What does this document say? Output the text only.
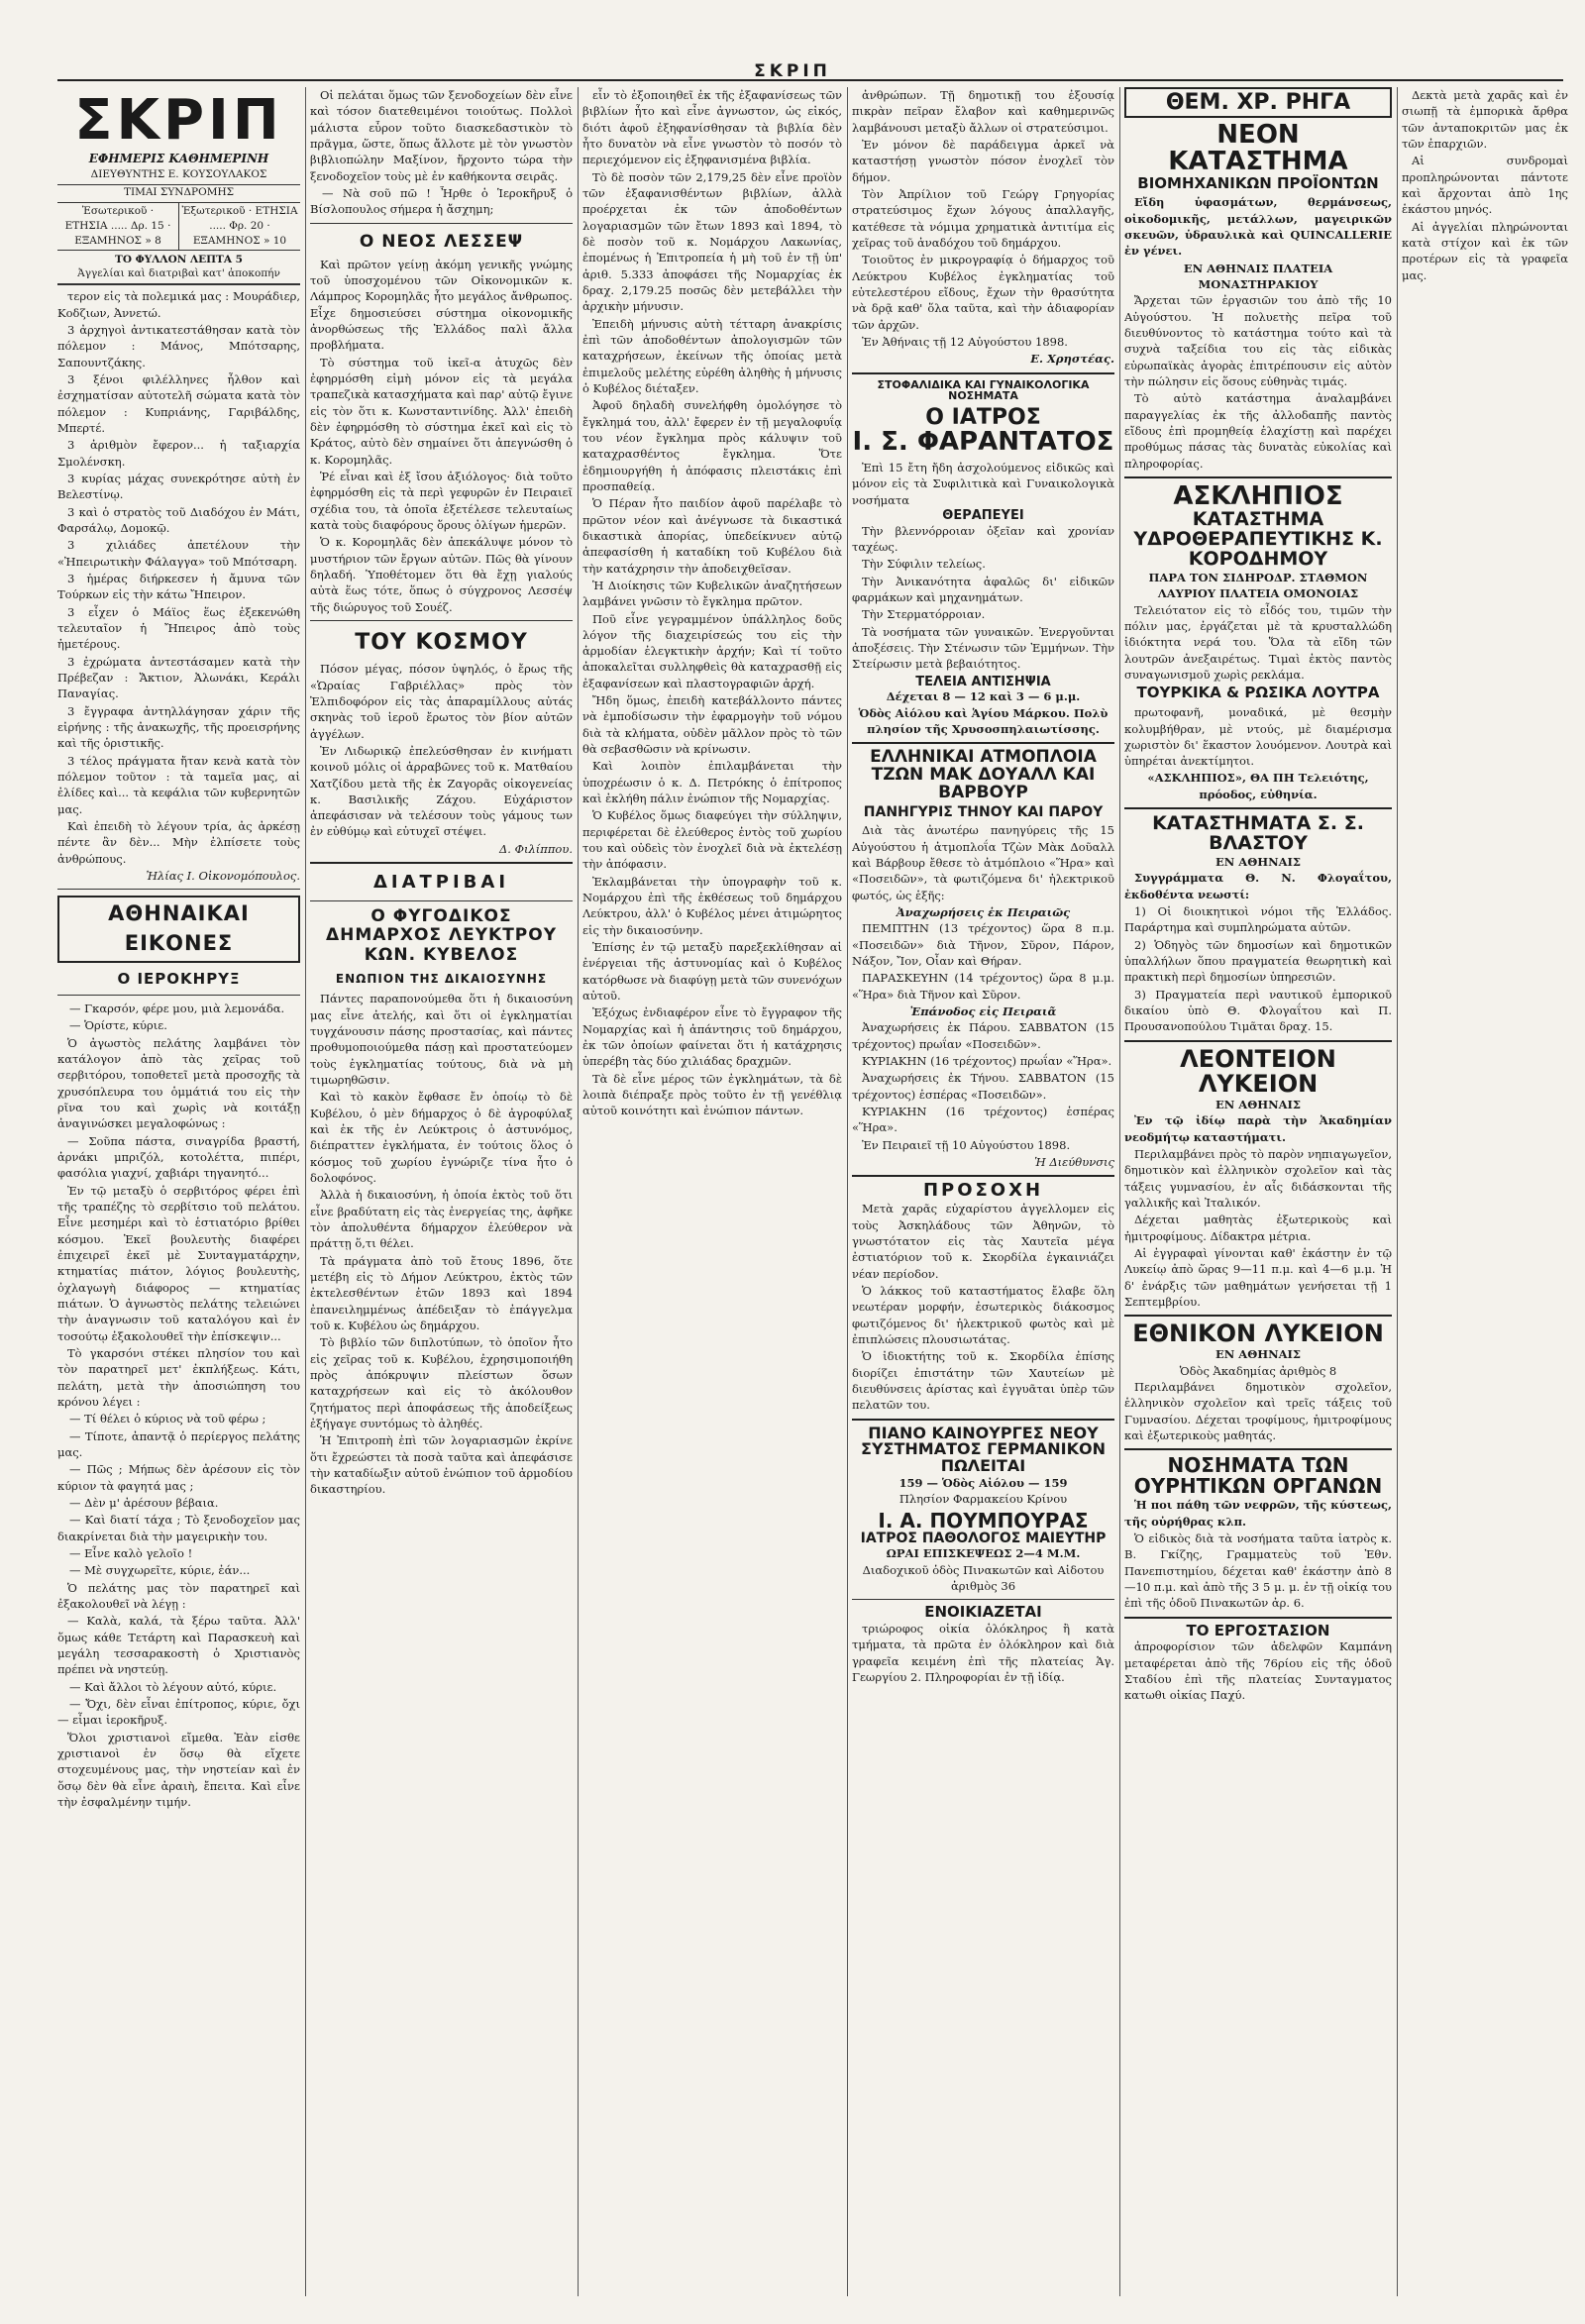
ΣΚΡΙΠ
ΣΚΡΙΠ
ΕΦΗΜΕΡΙΣ ΚΑΘΗΜΕΡΙΝΗ
ΔΙΕΥΘΥΝΤΗΣ Ε. ΚΟΥΣΟΥΛΑΚΟΣ
ΤΙΜΑΙ ΣΥΝΔΡΟΜΗΣ
Ἐσωτερικοῦ · ΕΤΗΣΙΑ ..... Δρ. 15 · ΕΞΑΜΗΝΟΣ » 8
Ἐξωτερικοῦ · ΕΤΗΣΙΑ ..... Φρ. 20 · ΕΞΑΜΗΝΟΣ » 10
ΤΟ ΦΥΛΛΟΝ ΛΕΠΤΑ 5
Ἀγγελίαι καὶ διατριβαὶ κατ' ἀποκοπήν

τερον εἰς τὰ πολεμικά μας : Μουράδιερ, Κοδζιων, Ἀννετώ.

3 ἀρχηγοὶ ἀντικατεστάθησαν κατὰ τὸν πόλεμον : Μάνος, Μπότσαρης, Σαπουντζάκης.

3 ξένοι φιλέλληνες ἦλθον καὶ ἐσχηματίσαν αὐτοτελῆ σώματα κατὰ τὸν πόλεμον : Κυπριάνης, Γαριβάλδης, Μπερτέ.

3 ἀριθμὸν ἔφερον... ἡ ταξιαρχία Σμολένσκη.

3 κυρίας μάχας συνεκρότησε αὐτὴ ἐν Βελεστίνῳ.

3 καὶ ὁ στρατὸς τοῦ Διαδόχου ἐν Μάτι, Φαρσάλῳ, Δομοκῷ.

3 χιλιάδες ἀπετέλουν τὴν «Ἠπειρωτικὴν Φάλαγγα» τοῦ Μπότσαρη.

3 ἡμέρας διήρκεσεν ἡ ἄμυνα τῶν Τούρκων εἰς τὴν κάτω Ἤπειρον.

3 εἶχεν ὁ Μάϊος ἕως ἐξεκενώθη τελευταῖον ἡ Ἤπειρος ἀπὸ τοὺς ἡμετέρους.

3 ἐχρώματα ἀντεστάσαμεν κατὰ τὴν Πρέβεζαν : Ἄκτιον, Ἀλωνάκι, Κεράλι Παναγίας.

3 ἔγγραφα ἀντηλλάγησαν χάριν τῆς εἰρήνης : τῆς ἀνακωχῆς, τῆς προεισρήνης καὶ τῆς ὁριστικῆς.

3 τέλος πράγματα ἤταν κενὰ κατὰ τὸν πόλεμον τοῦτον : τὰ ταμεῖα μας, αἱ ἐλίδες καὶ... τὰ κεφάλια τῶν κυβερνητῶν μας.

Καὶ ἐπειδὴ τὸ λέγουν τρία, ἀς ἀρκέσῃ πέντε ἂν δὲν... Μὴν ἐλπίσετε τοὺς ἀνθρώπους.

Ἠλίας Ι. Οἰκονομόπουλος.
ΑΘΗΝΑΙΚΑΙ ΕΙΚΟΝΕΣ
Ο ΙΕΡΟΚΗΡΥΞ

— Γκαρσόν, φέρε μου, μιὰ λεμονάδα.

— Ὁρίστε, κύριε.

Ὁ ἀγωστὸς πελάτης λαμβάνει τὸν κατάλογον ἀπὸ τὰς χεῖρας τοῦ σερβιτόρου, τοποθετεῖ μετὰ προσοχῆς τὰ χρυσόπλευρα του ὁμμάτιά του εἰς τὴν ρῖνα του καὶ χωρὶς νὰ κοιτάξῃ ἀναγινώσκει μεγαλοφώνως :

— Σοῦπα πάστα, σιναγρίδα βραστή, ἀρνάκι μπριζόλ, κοτολέττα, πιπέρι, φασόλια γιαχνί, χαβιάρι τηγανητό...

Ἐν τῷ μεταξὺ ὁ σερβιτόρος φέρει ἐπὶ τῆς τραπέζης τὸ σερβίτσιο τοῦ πελάτου. Εἶνε μεσημέρι καὶ τὸ ἑστιατόριο βρίθει κόσμου. Ἐκεῖ βουλευτὴς διαφέρει ἐπιχειρεῖ ἐκεῖ μὲ Συνταγματάρχην, κτηματίας πιάτον, λόγιος βουλευτὴς, ὀχλαγωγὴ διάφορος — κτηματίας πιάτων. Ὁ ἀγνωστὸς πελάτης τελειώνει τὴν ἀναγνωσιν τοῦ καταλόγου καὶ ἐν τοσούτῳ ἐξακολουθεῖ τὴν ἐπίσκεψιν...

Τὸ γκαρσόνι στέκει πλησίον του καὶ τὸν παρατηρεῖ μετ' ἐκπλήξεως. Κάτι, πελάτη, μετὰ τὴν ἀποσιώπηση του κρόνου λέγει :

— Τί θέλει ὁ κύριος νὰ τοῦ φέρω ;

— Τίποτε, ἀπαντᾷ ὁ περίεργος πελάτης μας.

— Πῶς ; Μήπως δὲν ἀρέσουν εἰς τὸν κύριον τὰ φαγητά μας ;

— Δὲν μ' ἀρέσουν βέβαια.

— Καὶ διατί τάχα ; Τὸ ξενοδοχεῖον μας διακρίνεται διὰ τὴν μαγειρικὴν του.

— Εἶνε καλὸ γελοῖο !

— Μὲ συγχωρεῖτε, κύριε, ἐάν...

Ὁ πελάτης μας τὸν παρατηρεῖ καὶ ἐξακολουθεῖ νὰ λέγῃ :

— Καλὰ, καλά, τὰ ξέρω ταῦτα. Ἀλλ' ὅμως κάθε Τετάρτη καὶ Παρασκευὴ καὶ μεγάλη τεσσαρακοστὴ ὁ Χριστιανὸς πρέπει νὰ νηστεύῃ.

— Καὶ ἄλλοι τὸ λέγουν αὐτό, κύριε.

— Ὄχι, δὲν εἶναι ἐπίτροπος, κύριε, ὄχι — εἶμαι ἱεροκῆρυξ.

Ὅλοι χριστιανοὶ εἴμεθα. Ἐὰν εἰσθε χριστιανοὶ ἐν ὅσῳ θὰ εἴχετε στοχευμένους μας, τὴν νηστείαν καὶ ἐν ὅσῳ δὲν θὰ εἶνε ἀραιὴ, ἔπειτα. Καὶ εἶνε τὴν ἐσφαλμένην τιμήν.

Οἱ πελάται ὅμως τῶν ξενοδοχείων δὲν εἶνε καὶ τόσον διατεθειμένοι τοιούτως. Πολλοὶ μάλιστα εὗρον τοῦτο διασκεδαστικὸν τὸ πρᾶγμα, ὥστε, ὅπως ἄλλοτε μὲ τὸν γνωστὸν βιβλιοπώλην Μαξίνον, ἤρχοντο τώρα τὴν ξενοδοχεῖον τοὺς μὲ ἐν καθήκοντα σειρᾶς.

— Νὰ σοῦ πῶ ! Ἦρθε ὁ Ἱεροκῆρυξ ὁ Βίσλοπουλος σήμερα ἡ ἄσχημη;

Ο ΝΕΟΣ ΛΕΣΣΕΨ

Καὶ πρῶτον γείνῃ ἀκόμη γενικῆς γνώμης τοῦ ὑποσχομένου τῶν Οἰκονομικῶν κ. Λάμπρος Κορομηλᾶς ἦτο μεγάλος ἄνθρωπος. Εἶχε δημοσιεύσει σύστημα οἰκονομικῆς ἀνορθώσεως τῆς Ἑλλάδος παλὶ ἄλλα προβλήματα.

Τὸ σύστημα τοῦ ἰκεῖ-α ἀτυχῶς δὲν ἐφηρμόσθη εἰμὴ μόνον εἰς τὰ μεγάλα τραπεζικὰ κατασχήματα καὶ παρ' αὐτῷ ἔγινε εἰς τὸν ὅτι κ. Κωνσταντινίδης. Ἀλλ' ἐπειδὴ δὲν ἐφηρμόσθη τὸ σύστημα ἐκεῖ καὶ εἰς τὸ Κράτος, αὐτὸ δὲν σημαίνει ὅτι ἀπεγνώσθη ὁ κ. Κορομηλᾶς.

Ῥέ εἶναι καὶ ἐξ ἴσου ἀξιόλογος· διὰ τοῦτο ἐφηρμόσθη εἰς τὰ περὶ γεφυρῶν ἐν Πειραιεῖ σχέδια του, τὰ ὁποῖα ἐξετέλεσε τελευταίως κατὰ τοὺς διαφόρους ὅρους ὀλίγων ἡμερῶν.

Ὁ κ. Κορομηλᾶς δὲν ἀπεκάλυψε μόνον τὸ μυστήριον τῶν ἔργων αὐτῶν. Πῶς θὰ γίνουν δηλαδή. Ὑποθέτομεν ὅτι θὰ ἔχῃ γιαλούς αὐτὰ ἕως τότε, ὅπως ὁ σύγχρονος Λεσσέψ τῆς διώρυγος τοῦ Σουέζ.

ΤΟΥ ΚΟΣΜΟΥ

Πόσον μέγας, πόσον ὑψηλός, ὁ ἔρως τῆς «Ὡραίας Γαβριέλλας» πρὸς τὸν Ἐλπιδοφόρον εἰς τὰς ἀπαραμίλλους αὐτάς σκηνὰς τοῦ ἱεροῦ ἔρωτος τὸν βίον αὐτῶν ἀγγέλων.

Ἐν Λιδωρικῷ ἐπελεύσθησαν ἐν κινήματι κοινοῦ μόλις οἱ ἀρραβῶνες τοῦ κ. Ματθαίου Χατζίδου μετὰ τῆς ἐκ Ζαγορᾶς οἰκογενείας κ. Βασιλικῆς Ζάχου. Εὐχάριστον ἀπεφάσισαν νὰ τελέσουν τοὺς γάμους των ἐν εὐθύμῳ καὶ εὐτυχεῖ στέψει.

Δ. Φιλίππου.
ΔΙΑΤΡΙΒΑΙ
Ο ΦΥΓΟΔΙΚΟΣ ΔΗΜΑΡΧΟΣ ΛΕΥΚΤΡΟΥ ΚΩΝ. ΚΥΒΕΛΟΣ
ΕΝΩΠΙΟΝ ΤΗΣ ΔΙΚΑΙΟΣΥΝΗΣ

Πάντες παραπονούμεθα ὅτι ἡ δικαιοσύνη μας εἶνε ἀτελής, καὶ ὅτι οἱ ἐγκληματίαι τυγχάνουσιν πάσης προστασίας, καὶ πάντες προθυμοποιούμεθα πάσῃ καὶ προστατεύομεν τοὺς ἐγκληματίας τούτους, διὰ νὰ μὴ τιμωρηθῶσιν.

Καὶ τὸ κακὸν ἔφθασε ἔν ὁποίῳ τὸ δὲ Κυβέλου, ὁ μὲν δήμαρχος ὁ δὲ ἀγροφύλαξ καὶ ἐκ τῆς ἐν Λεύκτροις ὁ ἀστυνόμος, διέπραττεν ἐγκλήματα, ἐν τούτοις ὅλος ὁ κόσμος τοῦ χωρίου ἐγνώριζε τίνα ἦτο ὁ δολοφόνος.

Ἀλλὰ ἡ δικαιοσύνη, ἡ ὁποία ἐκτὸς τοῦ ὅτι εἶνε βραδύτατη εἰς τὰς ἐνεργείας της, ἀφῆκε τὸν ἀπολυθέντα δήμαρχον ἐλεύθερον νὰ πράττῃ ὅ,τι θέλει.

Τὰ πράγματα ἀπὸ τοῦ ἔτους 1896, ὅτε μετέβη εἰς τὸ Δήμον Λεύκτρου, ἐκτὸς τῶν ἐκτελεσθέντων ἐτῶν 1893 καὶ 1894 ἐπανειλημμένως ἀπέδειξαν τὸ ἐπάγγελμα τοῦ κ. Κυβέλου ὡς δημάρχου.

Τὸ βιβλίο τῶν διπλοτύπων, τὸ ὁποῖον ἦτο εἰς χεῖρας τοῦ κ. Κυβέλου, ἐχρησιμοποιήθη πρὸς ἀπόκρυψιν πλείστων ὅσων καταχρήσεων καὶ εἰς τὸ ἀκόλουθον ζητήματος περὶ ἀποφάσεως τῆς ἀποδείξεως ἐξήγαγε συντόμως τὸ ἀληθές.

Ἡ Ἐπιτροπὴ ἐπὶ τῶν λογαριασμῶν ἐκρίνε ὅτι ἔχρεώστει τὰ ποσὰ ταῦτα καὶ ἀπεφάσισε τὴν καταδίωξιν αὐτοῦ ἐνώπιον τοῦ ἁρμοδίου δικαστηρίου.

εἶν τὸ ἐξοποιηθεῖ ἐκ τῆς ἐξαφανίσεως τῶν βιβλίων ἦτο καὶ εἶνε ἀγνωστον, ὡς εἰκός, διότι ἀφοῦ ἐξηφανίσθησαν τὰ βιβλία δὲν ἦτο δυνατὸν νὰ εἶνε γνωστὸν τὸ ποσόν τὸ περιεχόμενον εἰς ἐξηφανισμένα βιβλία.

Τὸ δὲ ποσὸν τῶν 2,179,25 δὲν εἶνε προϊὸν τῶν ἐξαφανισθέντων βιβλίων, ἀλλὰ προέρχεται ἐκ τῶν ἀποδοθέντων λογαριασμῶν τῶν ἔτων 1893 καὶ 1894, τὸ δὲ ποσὸν τοῦ κ. Νομάρχου Λακωνίας, ἐπομένως ἡ Ἐπιτροπεία ἡ μὴ τοῦ ἐν τῇ ὑπ' ἀριθ. 5.333 ἀποφάσει τῆς Νομαρχίας ἐκ δραχ. 2,179.25 ποσῶς δὲν μετεβάλλει τὴν ἀρχικὴν μήνυσιν.

Ἐπειδὴ μήνυσις αὐτὴ τέτταρη ἀνακρίσις ἐπὶ τῶν ἀποδοθέντων ἀπολογισμῶν τῶν καταχρήσεων, ἐκείνων τῆς ὁποίας μετὰ ἐπιμελοῦς μελέτης εὑρέθη ἀληθὴς ἡ μήνυσις ὁ Κυβέλος διέταξεν.

Ἀφοῦ δηλαδὴ συνελήφθη ὁμολόγησε τὸ ἔγκλημά του, ἀλλ' ἔφερεν ἐν τῇ μεγαλοφυΐᾳ του νέον ἔγκλημα πρὸς κάλυψιν τοῦ καταχρασθέντος ἔγκλημα. Ὅτε ἐδημιουργήθη ἡ ἀπόφασις πλειστάκις ἐπὶ προσπαθείᾳ.

Ὁ Πέραν ἦτο παιδίον ἀφοῦ παρέλαβε τὸ πρῶτον νέον καὶ ἀνέγνωσε τὰ δικαστικά δικαστικὰ ἀπορίας, ὑπεδείκνυεν αὐτῷ ἀπεφασίσθη ἡ καταδίκη τοῦ Κυβέλου διὰ τὴν κατάχρησιν τὴν ἀποδειχθεῖσαν.

Ἡ Διοίκησις τῶν Κυβελικῶν ἀναζητήσεων λαμβάνει γνῶσιν τὸ ἔγκλημα πρῶτον.

Ποῦ εἶνε γεγραμμένον ὑπάλληλος δοῦς λόγον τῆς διαχειρίσεώς του εἰς τὴν ἀρμοδίαν ἐλεγκτικὴν ἀρχήν; Καὶ τί τοῦτο ἀποκαλεῖται συλληφθεὶς θὰ καταχρασθῇ εἰς ἐξαφανίσεων καὶ πλαστογραφιῶν ἀρχή.

Ἤδη ὅμως, ἐπειδὴ κατεβάλλοντο πάντες νὰ ἐμποδίσωσιν τὴν ἐφαρμογὴν τοῦ νόμου διὰ τὰ κλήματα, οὐδὲν μᾶλλον πρὸς τὸ τῶν θὰ σεβασθῶσιν νὰ κρίνωσιν.

Καὶ λοιπὸν ἐπιλαμβάνεται τὴν ὑποχρέωσιν ὁ κ. Δ. Πετρόκης ὁ ἐπίτροπος καὶ ἐκλήθη πάλιν ἐνώπιον τῆς Νομαρχίας.

Ὁ Κυβέλος ὅμως διαφεύγει τὴν σύλληψιν, περιφέρεται δὲ ἐλεύθερος ἐντὸς τοῦ χωρίου του καὶ οὐδεὶς τὸν ἐνοχλεῖ διὰ νὰ ἐκτελέσῃ τὴν ἀπόφασιν.

Ἐκλαμβάνεται τὴν ὑπογραφὴν τοῦ κ. Νομάρχου ἐπὶ τῆς ἐκθέσεως τοῦ δημάρχου Λεύκτρου, ἀλλ' ὁ Κυβέλος μένει ἀτιμώρητος εἰς τὴν δικαιοσύνην.

Ἐπίσης ἐν τῷ μεταξὺ παρεξεκλίθησαν αἱ ἐνέργειαι τῆς ἀστυνομίας καὶ ὁ Κυβέλος κατόρθωσε νὰ διαφύγῃ μετὰ τῶν συνενόχων αὐτοῦ.

Ἐξόχως ἐνδιαφέρον εἶνε τὸ ἔγγραφον τῆς Νομαρχίας καὶ ἡ ἀπάντησις τοῦ δημάρχου, ἐκ τῶν ὁποίων φαίνεται ὅτι ἡ κατάχρησις ὑπερέβη τὰς δύο χιλιάδας δραχμῶν.

Τὰ δὲ εἶνε μέρος τῶν ἐγκλημάτων, τὰ δὲ λοιπὰ διέπραξε πρὸς τοῦτο ἐν τῇ γενέθλιᾳ αὐτοῦ κοινότητι καὶ ἐνώπιον πάντων.

ἀνθρώπων. Τῇ δημοτικῇ του ἐξουσίᾳ πικρὰν πεῖραν ἔλαβον καὶ καθημερινῶς λαμβάνουσι μεταξὺ ἄλλων οἱ στρατεύσιμοι.

Ἐν μόνον δὲ παράδειγμα ἀρκεῖ νὰ καταστήσῃ γνωστὸν πόσον ἐνοχλεῖ τὸν δήμον.

Τὸν Ἀπρίλιον τοῦ Γεώργ Γρηγορίας στρατεύσιμος ἔχων λόγους ἀπαλλαγῆς, κατέθεσε τὰ νόμιμα χρηματικὰ ἀντιτίμα εἰς χεῖρας τοῦ ἀναδόχου τοῦ δημάρχου.

Τοιοῦτος ἐν μικρογραφίᾳ ὁ δήμαρχος τοῦ Λεύκτρου Κυβέλος ἐγκληματίας τοῦ εὐτελεστέρου εἴδους, ἔχων τὴν θρασύτητα νὰ δρᾷ καθ' ὅλα ταῦτα, καὶ τὴν ἀδιαφορίαν τῶν ἀρχῶν.

Ἐν Ἀθήναις τῇ 12 Αὐγούστου 1898.

Ε. Χρηστέας.
ΣΤΟΦΑΛΙΔΙΚΑ ΚΑΙ ΓΥΝΑΙΚΟΛΟΓΙΚΑ ΝΟΣΗΜΑΤΑ
Ο ΙΑΤΡΟΣ
Ι. Σ. ΦΑΡΑΝΤΑΤΟΣ

Ἐπὶ 15 ἔτη ἤδη ἀσχολούμενος εἰδικῶς καὶ μόνον εἰς τὰ Συφιλιτικὰ καὶ Γυναικολογικὰ νοσήματα

ΘΕΡΑΠΕΥΕΙ

Τὴν βλεννόρροιαν ὀξεῖαν καὶ χρονίαν ταχέως.

Τὴν Σύφιλιν τελείως.

Τὴν Ἀνικανότητα ἀφαλῶς δι' εἰδικῶν φαρμάκων καὶ μηχανημάτων.

Τὴν Στερματόρροιαν.

Τὰ νοσήματα τῶν γυναικῶν. Ἐνεργοῦνται ἀποξέσεις. Τὴν Στένωσιν τῶν Ἐμμήνων. Τὴν Στείρωσιν μετὰ βεβαιότητος.

ΤΕΛΕΙΑ ΑΝΤΙΣΗΨΙΑ
Δέχεται 8 — 12 καὶ 3 — 6 μ.μ.
Ὁδὸς Αἰόλου καὶ Ἁγίου Μάρκου. Πολὺ πλησίον τῆς Χρυσοσπηλαιωτίσσης.
ΕΛΛΗΝΙΚΑΙ ΑΤΜΟΠΛΟΙΑ ΤΖΩΝ ΜΑΚ ΔΟΥΑΛΛ ΚΑΙ ΒΑΡΒΟΥΡ
ΠΑΝΗΓΥΡΙΣ ΤΗΝΟΥ ΚΑΙ ΠΑΡΟΥ

Διὰ τὰς ἀνωτέρω πανηγύρεις τῆς 15 Αὐγούστου ἡ ἀτμοπλοΐα Τζὼν Μὰκ Δοῦαλλ καὶ Βάρβουρ ἔθεσε τὸ ἀτμόπλοιο «Ἥρα» καὶ «Ποσειδῶν», τὰ φωτιζόμενα δι' ἠλεκτρικοῦ φωτός, ὡς ἑξῆς:

Ἀναχωρήσεις ἐκ Πειραιῶς

ΠΕΜΠΤΗΝ (13 τρέχοντος) ὥρα 8 π.μ. «Ποσειδῶν» διὰ Τῆνον, Σῦρον, Πάρον, Νάξον, Ἴον, Οἶαν καὶ Θήραν.

ΠΑΡΑΣΚΕΥΗΝ (14 τρέχοντος) ὥρα 8 μ.μ. «Ἥρα» διὰ Τῆνον καὶ Σῦρον.

Ἐπάνοδος εἰς Πειραιᾶ

Ἀναχωρήσεις ἐκ Πάρου. ΣΑΒΒΑΤΟΝ (15 τρέχοντος) πρωΐαν «Ποσειδῶν».

ΚΥΡΙΑΚΗΝ (16 τρέχοντος) πρωΐαν «Ἥρα».

Ἀναχωρήσεις ἐκ Τήνου. ΣΑΒΒΑΤΟΝ (15 τρέχοντος) ἑσπέρας «Ποσειδῶν».

ΚΥΡΙΑΚΗΝ (16 τρέχοντος) ἑσπέρας «Ἥρα».

Ἐν Πειραιεῖ τῇ 10 Αὐγούστου 1898.

Ἡ Διεύθυνσις
ΠΡΟΣΟΧΗ

Μετὰ χαρᾶς εὐχαρίστου ἀγγελλομεν εἰς τοὺς Ἀσκηλάδους τῶν Ἀθηνῶν, τὸ γνωστότατον εἰς τὰς Χαυτεῖα μέγα ἐστιατόριον τοῦ κ. Σκορδίλα ἐγκαινιάζει νέαν περίοδον.

Ὁ λάκκος τοῦ καταστήματος ἔλαβε ὅλη νεωτέραν μορφήν, ἐσωτερικὸς διάκοσμος φωτιζόμενος δι' ἠλεκτρικοῦ φωτὸς καὶ μὲ ἐπιπλώσεις πλουσιωτάτας.

Ὁ ἰδιοκτήτης τοῦ κ. Σκορδίλα ἐπίσης διορίζει ἐπιστάτην τῶν Χαυτείων μὲ διευθύνσεις ἀρίστας καὶ ἐγγυᾶται ὑπὲρ τῶν πελατῶν του.

ΠΙΑΝΟ ΚΑΙΝΟΥΡΓΕΣ ΝΕΟΥ ΣΥΣΤΗΜΑΤΟΣ ΓΕΡΜΑΝΙΚΟΝ ΠΩΛΕΙΤΑΙ
159 — Ὁδὸς Αἰόλου — 159
Πλησίον Φαρμακείου Κρίνου
Ι. Α. ΠΟΥΜΠΟΥΡΑΣ
ΙΑΤΡΟΣ ΠΑΘΟΛΟΓΟΣ ΜΑΙΕΥΤΗΡ
ΩΡΑΙ ΕΠΙΣΚΕΨΕΩΣ 2—4 Μ.Μ.
Διαδοχικοῦ ὁδὸς Πινακωτῶν καὶ Αἰδοτου ἀριθμὸς 36
ΕΝΟΙΚΙΑΖΕΤΑΙ

τριώροφος οἰκία ὁλόκληρος ἢ κατὰ τμήματα, τὰ πρῶτα ἐν ὁλόκληρον καὶ διὰ γραφεῖα κειμένη ἐπὶ τῆς πλατείας Ἁγ. Γεωργίου 2. Πληροφορίαι ἐν τῇ ἰδίᾳ.

ΘΕΜ. ΧΡ. ΡΗΓΑ
ΝΕΟΝ ΚΑΤΑΣΤΗΜΑ
ΒΙΟΜΗΧΑΝΙΚΩΝ ΠΡΟΪΟΝΤΩΝ

Εἴδη ὑφασμάτων, θερμάνσεως, οἰκοδομικῆς, μετάλλων, μαγειρικῶν σκευῶν, ὑδραυλικὰ καὶ QUINCALLERIE ἐν γένει.

ΕΝ ΑΘΗΝΑΙΣ ΠΛΑΤΕΙΑ ΜΟΝΑΣΤΗΡΑΚΙΟΥ

Ἄρχεται τῶν ἐργασιῶν του ἀπὸ τῆς 10 Αὐγούστου. Ἡ πολυετὴς πεῖρα τοῦ διευθύνοντος τὸ κατάστημα τούτο καὶ τὰ συχνὰ ταξείδια του εἰς τὰς εἰδικὰς εὐρωπαϊκὰς ἀγορὰς ἐπιτρέπουσιν εἰς αὐτὸν τὴν πώλησιν εἰς ὅσους εὐθηνὰς τιμάς.

Τὸ αὐτὸ κατάστημα ἀναλαμβάνει παραγγελίας ἐκ τῆς ἀλλοδαπῆς παντὸς εἴδους ἐπὶ προμηθείᾳ ἐλαχίστῃ καὶ παρέχει προθύμως πάσας τὰς δυνατὰς εὐκολίας καὶ πληροφορίας.

ΑΣΚΛΗΠΙΟΣ
ΚΑΤΑΣΤΗΜΑ ΥΔΡΟΘΕΡΑΠΕΥΤΙΚΗΣ Κ. ΚΟΡΟΔΗΜΟΥ
ΠΑΡΑ ΤΟΝ ΣΙΔΗΡΟΔΡ. ΣΤΑΘΜΟΝ ΛΑΥΡΙΟΥ ΠΛΑΤΕΙΑ ΟΜΟΝΟΙΑΣ

Τελειότατον εἰς τὸ εἶδός του, τιμῶν τὴν πόλιν μας, ἐργάζεται μὲ τὰ κρυσταλλώδη ἰδιόκτητα νερά του. Ὅλα τὰ εἴδη τῶν λουτρῶν ἀνεξαιρέτως. Τιμαὶ ἐκτὸς παντὸς συναγωνισμοῦ χωρὶς ρεκλάμα.

ΤΟΥΡΚΙΚΑ & ΡΩΣΙΚΑ ΛΟΥΤΡΑ

πρωτοφανῆ, μοναδικά, μὲ θεσμὴν κολυμβήθραν, μὲ ντούς, μὲ διαμέρισμα χωριστὸν δι' ἕκαστον λουόμενον. Λουτρὰ καὶ ὑπηρέται ἀνεκτίμητοι.

«ΑΣΚΛΗΠΙΟΣ», ΘΑ ΠΗ Τελειότης, πρόοδος, εὐθηνία.
ΚΑΤΑΣΤΗΜΑΤΑ Σ. Σ. ΒΛΑΣΤΟΥ
ΕΝ ΑΘΗΝΑΙΣ

Συγγράμματα Θ. Ν. Φλογαΐτου, ἐκδοθέντα νεωστί:

1) Οἱ διοικητικοὶ νόμοι τῆς Ἑλλάδος. Παράρτημα καὶ συμπληρώματα αὐτῶν.

2) Ὁδηγὸς τῶν δημοσίων καὶ δημοτικῶν ὑπαλλήλων ὅπου πραγματεία θεωρητικὴ καὶ πρακτικὴ περὶ δημοσίων ὑπηρεσιῶν.

3) Πραγματεία περὶ ναυτικοῦ ἐμπορικοῦ δικαίου ὑπὸ Θ. Φλογαΐτου καὶ Π. Προυσανοπούλου Τιμᾶται δραχ. 15.

ΛΕΟΝΤΕΙΟΝ ΛΥΚΕΙΟΝ
ΕΝ ΑΘΗΝΑΙΣ

Ἐν τῷ ἰδίῳ παρὰ τὴν Ἀκαδημίαν νεοδμήτῳ καταστήματι.

Περιλαμβάνει πρὸς τὸ παρὸν νηπιαγωγεῖον, δημοτικὸν καὶ ἑλληνικὸν σχολεῖον καὶ τὰς τάξεις γυμνασίου, ἐν αἷς διδάσκονται τῆς γαλλικῆς καὶ Ἰταλικόν.

Δέχεται μαθητὰς ἐξωτερικοὺς καὶ ἡμιτροφίμους. Δίδακτρα μέτρια.

Αἱ ἐγγραφαὶ γίνονται καθ' ἑκάστην ἐν τῷ Λυκείῳ ἀπὸ ὥρας 9—11 π.μ. καὶ 4—6 μ.μ. Ἡ δ' ἐνάρξις τῶν μαθημάτων γενήσεται τῇ 1 Σεπτεμβρίου.

ΕΘΝΙΚΟΝ ΛΥΚΕΙΟΝ
ΕΝ ΑΘΗΝΑΙΣ
Ὁδὸς Ἀκαδημίας ἀριθμὸς 8

Περιλαμβάνει δημοτικὸν σχολεῖον, ἑλληνικὸν σχολεῖον καὶ τρεῖς τάξεις τοῦ Γυμνασίου. Δέχεται τροφίμους, ἡμιτροφίμους καὶ ἐξωτερικοὺς μαθητάς.

ΝΟΣΗΜΑΤΑ ΤΩΝ ΟΥΡΗΤΙΚΩΝ ΟΡΓΑΝΩΝ

Ἡ ποι πάθη τῶν νεφρῶν, τῆς κύστεως, τῆς οὐρήθρας κλπ.

Ὁ εἰδικὸς διὰ τὰ νοσήματα ταῦτα ἰατρὸς κ. Β. Γκίζης, Γραμματεὺς τοῦ Ἐθν. Πανεπιστημίου, δέχεται καθ' ἑκάστην ἀπὸ 8—10 π.μ. καὶ ἀπὸ τῆς 3 5 μ. μ. ἐν τῇ οἰκίᾳ του ἐπὶ τῆς ὁδοῦ Πινακωτῶν ἀρ. 6.

ΤΟ ΕΡΓΟΣΤΑΣΙΟΝ

ἀπροφορίσιον τῶν ἀδελφῶν Καμπάνη μεταφέρεται ἀπὸ τῆς 76ρίου εἰς τῆς ὁδοῦ Σταδίου ἐπὶ τῆς πλατείας Συνταγματος κατωθι οἰκίας Παχύ.

Δεκτὰ μετὰ χαρᾶς καὶ ἐν σιωπῇ τὰ ἐμπορικὰ ἄρθρα τῶν ἀνταποκριτῶν μας ἐκ τῶν ἐπαρχιῶν.

Αἱ συνδρομαὶ προπληρώνονται πάντοτε καὶ ἄρχονται ἀπὸ 1ης ἑκάστου μηνός.

Αἱ ἀγγελίαι πληρώνονται κατὰ στίχον καὶ ἐκ τῶν προτέρων εἰς τὰ γραφεῖα μας.
